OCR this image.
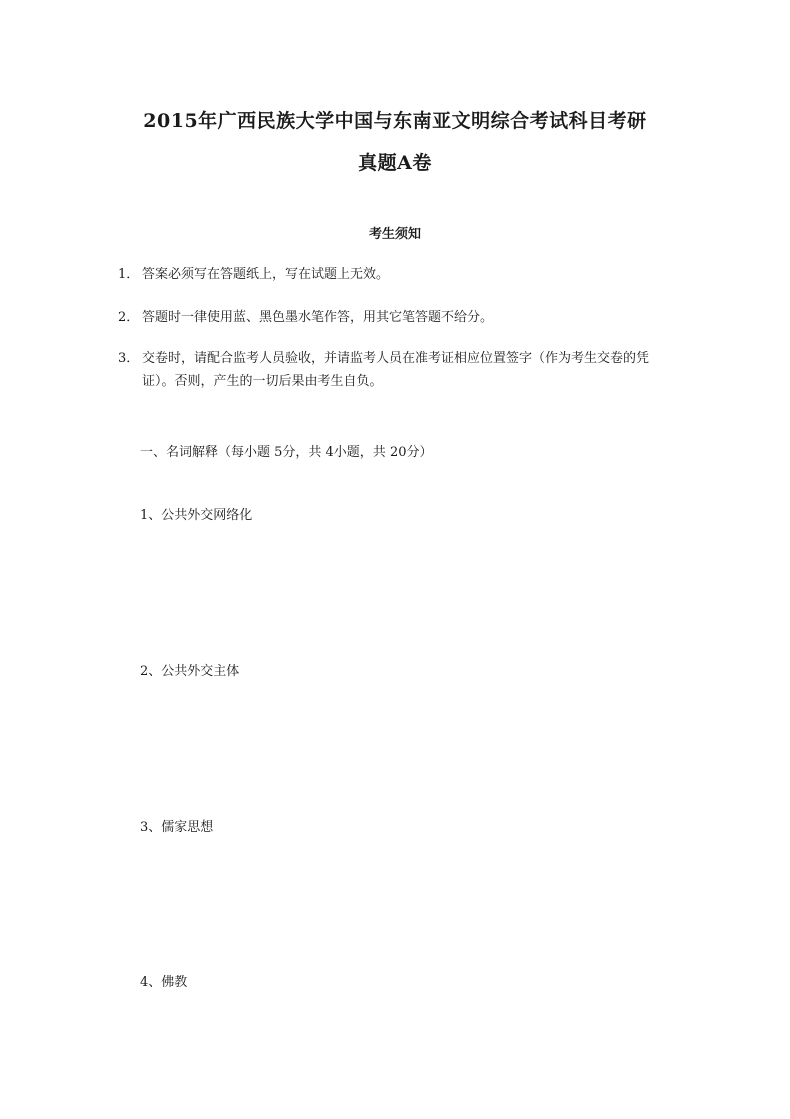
2015年广西民族大学中国与东南亚文明综合考试科目考研
真题A卷
考生须知
1． 答案必须写在答题纸上，写在试题上无效。
2． 答题时一律使用蓝、黑色墨水笔作答，用其它笔答题不给分。
3． 交卷时，请配合监考人员验收，并请监考人员在准考证相应位置签字（作为考生交卷的凭证）。否则，产生的一切后果由考生自负。
一、名词解释（每小题 5分，共 4小题，共 20分）
1、公共外交网络化
2、公共外交主体
3、儒家思想
4、佛教
